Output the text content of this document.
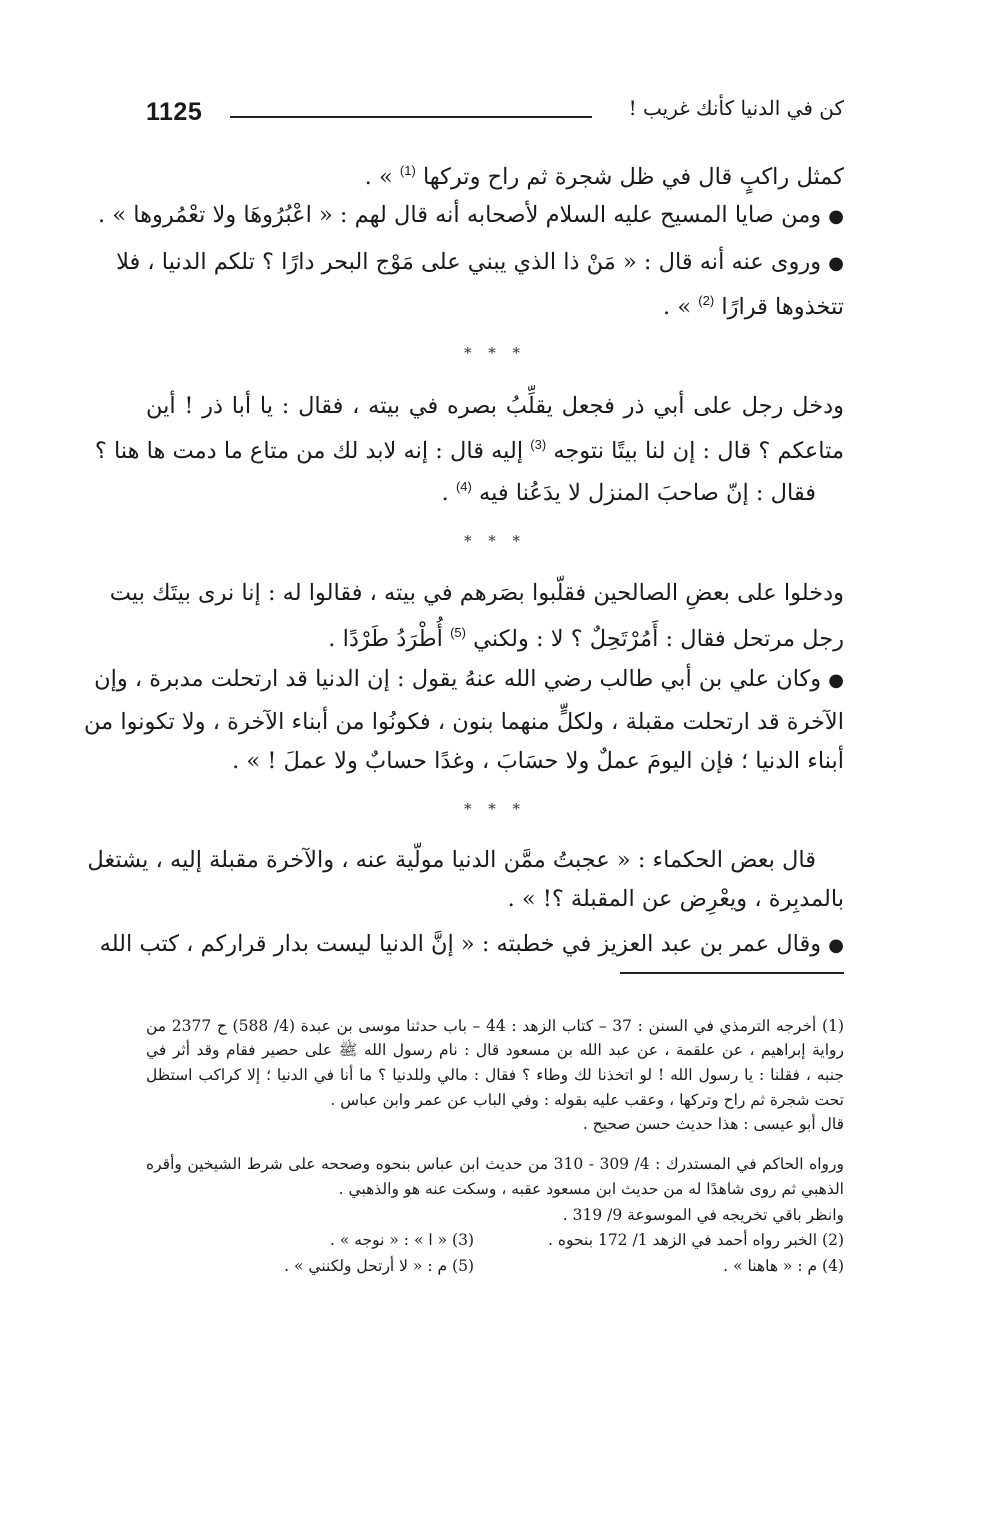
1125	كن في الدنيا كأنك غريب !
كمثل راكبٍ قال في ظل شجرة ثم راح وتركها $^{(1)}$ » .
● ومن صايا المسيح عليه السلام لأصحابه أنه قال لهم : « اعْبُرُوهَا ولا تعْمُروها » .
● وروى عنه أنه قال : « مَنْ ذا الذي يبني على مَوْج البحر دارًا ؟ تلكم الدنيا ، فلا
تتخذوها قرارًا $^{(2)}$ » .
* * *
ودخل رجل على أبي ذر فجعل يقلِّبُ بصره في بيته ، فقال : يا أبا ذر ! أين
متاعكم ؟ قال : إن لنا بيتًا نتوجه $^{(3)}$ إليه قال : إنه لابد لك من متاع ما دمت ها هنا ؟
فقال : إنّ صاحبَ المنزل لا يدَعُنا فيه $^{(4)}$ .
* * *
ودخلوا على بعضِ الصالحين فقلّبوا بصَرهم في بيته ، فقالوا له : إنا نرى بيتَك بيت
رجل مرتحل فقال : أَمُرْتَحِلٌ ؟ لا : ولكني $^{(5)}$ أُطْرَدُ طَرْدًا .
● وكان علي بن أبي طالب رضي الله عنهُ يقول : إن الدنيا قد ارتحلت مدبرة ، وإن
الآخرة قد ارتحلت مقبلة ، ولكلٍّ منهما بنون ، فكونُوا من أبناء الآخرة ، ولا تكونوا من
أبناء الدنيا ؛ فإن اليومَ عملٌ ولا حسَابَ ، وغدًا حسابٌ ولا عملَ ! » .
* * *
قال بعض الحكماء : « عجبتُ ممَّن الدنيا مولّية عنه ، والآخرة مقبلة إليه ، يشتغل
بالمدبِرة ، ويعْرِض عن المقبلة ؟! » .
● وقال عمر بن عبد العزيز في خطبته : « إنَّ الدنيا ليست بدار قراركم ، كتب الله
(1) أخرجه الترمذي في السنن : 37 – كتاب الزهد : 44 – باب حدثنا موسى بن عبدة (4/ 588) ح 2377 من
رواية إبراهيم ، عن علقمة ، عن عبد الله بن مسعود قال : نام رسول الله ﷺ على حصير فقام وقد أثر في
جنبه ، فقلنا : يا رسول الله ! لو اتخذنا لك وطاء ؟ فقال : مالي وللدنيا ؟ ما أنا في الدنيا ؛ إلا كراكب استظل
تحت شجرة ثم راح وتركها ، وعقب عليه بقوله : وفي الباب عن عمر وابن عباس .
قال أبو عيسى : هذا حديث حسن صحيح .
ورواه الحاكم في المستدرك : 4/ 309 - 310 من حديث ابن عباس بنحوه وصححه على شرط الشيخين وأقره
الذهبي ثم روى شاهدًا له من حديث ابن مسعود عقبه ، وسكت عنه هو والذهبي .
وانظر باقي تخريجه في الموسوعة 9/ 319 .
(2) الخبر رواه أحمد في الزهد 1/ 172 بنحوه .
(3) « ا » : « نوجه » .
(4) م : « هاهنا » .
(5) م : « لا أرتحل ولكنني » .
